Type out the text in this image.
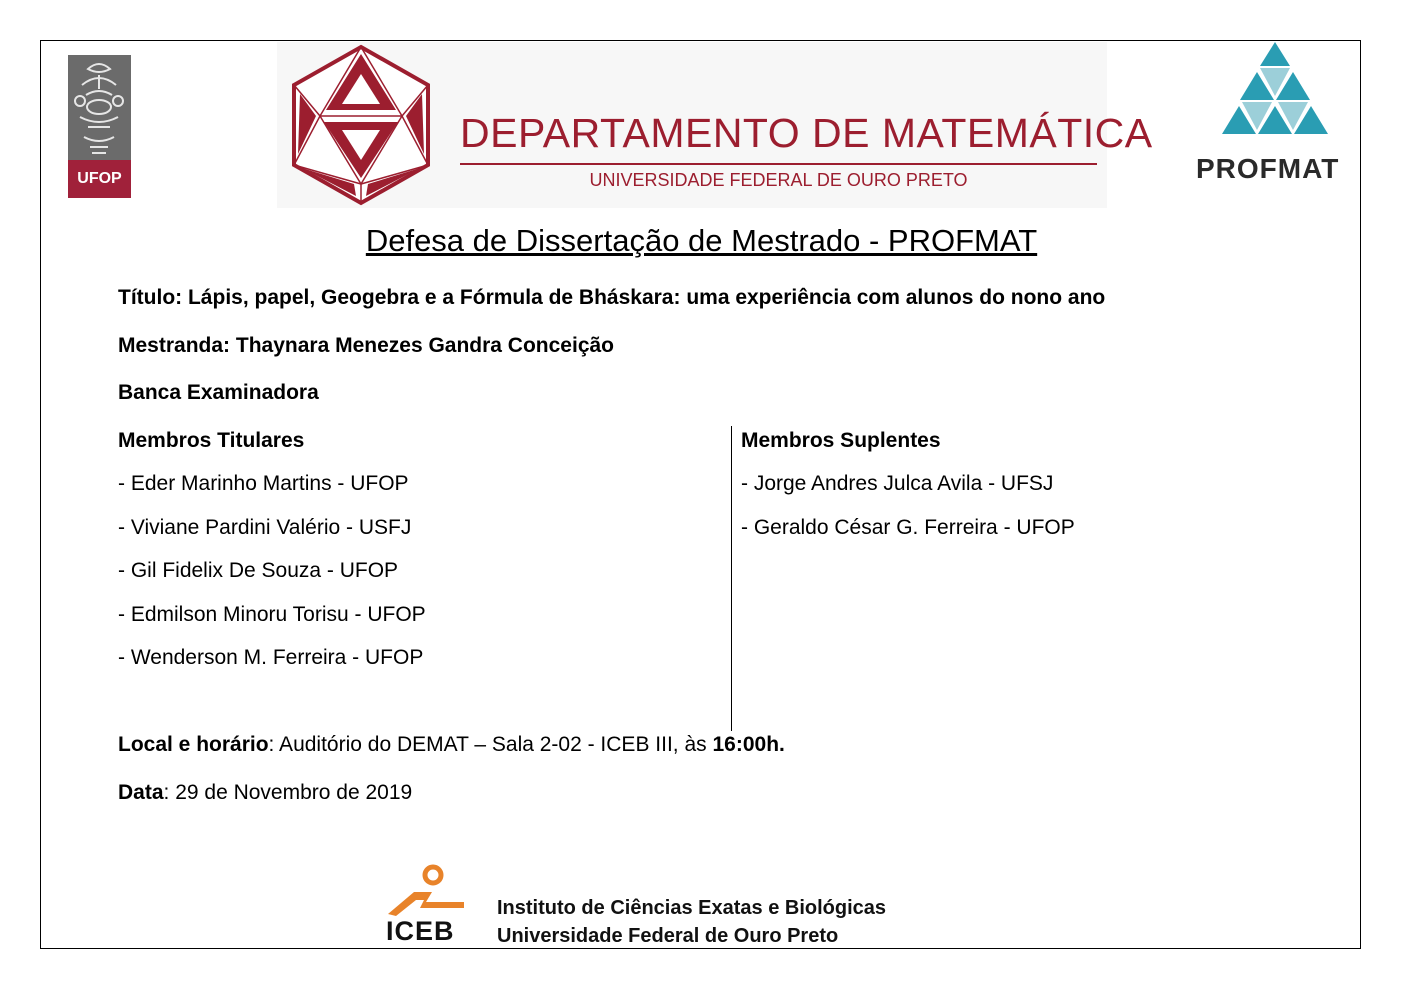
UFOP
DEPARTAMENTO DE MATEMÁTICA
UNIVERSIDADE FEDERAL DE OURO PRETO	PROFMAT
Defesa de Dissertação de Mestrado - PROFMAT
Título: Lápis, papel, Geogebra e a Fórmula de Bháskara: uma experiência com alunos do nono ano
Mestranda: Thaynara Menezes Gandra Conceição
Banca Examinadora
Membros Titulares
- Eder Marinho Martins - UFOP
- Viviane Pardini Valério - USFJ
- Gil Fidelix De Souza - UFOP
- Edmilson Minoru Torisu - UFOP
- Wenderson M. Ferreira - UFOP
Membros Suplentes
- Jorge Andres Julca Avila - UFSJ
- Geraldo César G. Ferreira - UFOP
Local e horário: Auditório do DEMAT – Sala 2-02 - ICEB III, às 16:00h.
Data: 29 de Novembro de 2019
ICEB
Instituto de Ciências Exatas e Biológicas
Universidade Federal de Ouro Preto
